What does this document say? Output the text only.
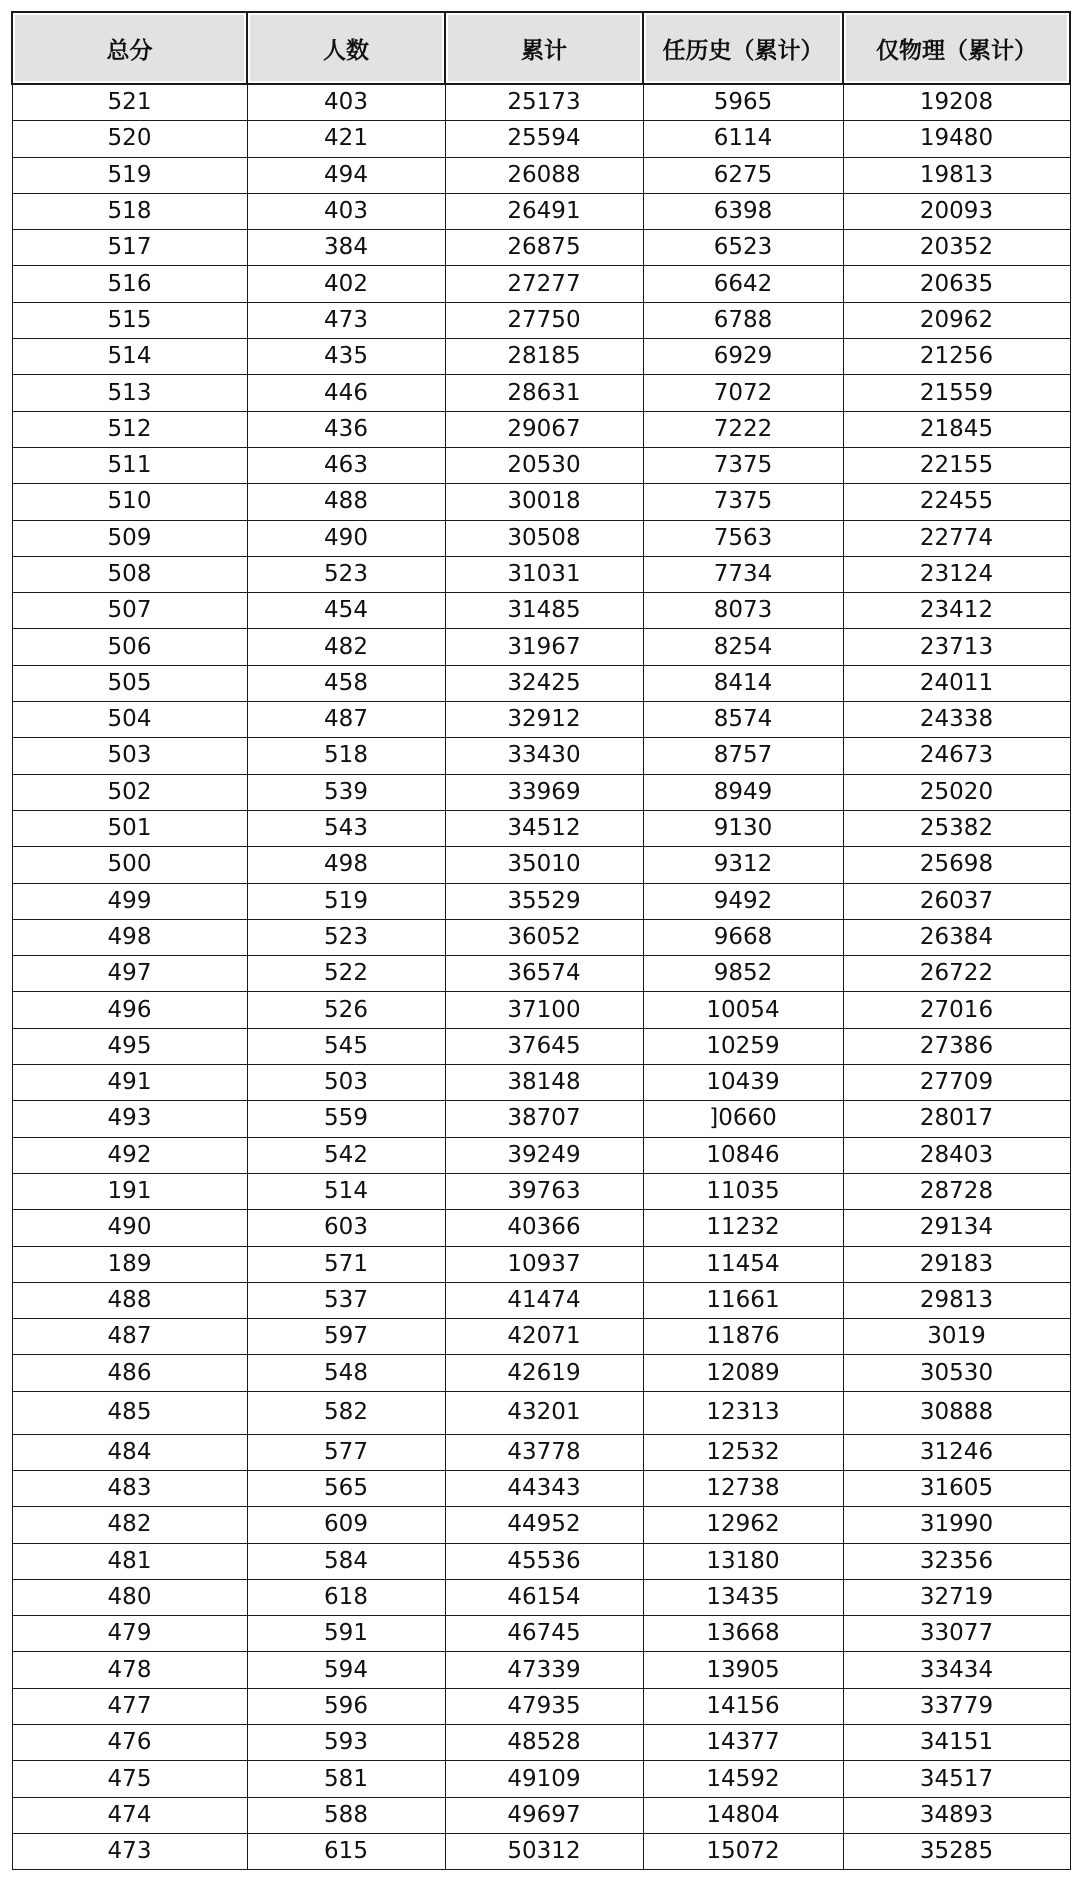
总分	人数	累计	任历史（累计）	仅物理（累计）
521	403	25173	5965	19208
520	421	25594	6114	19480
519	494	26088	6275	19813
518	403	26491	6398	20093
517	384	26875	6523	20352
516	402	27277	6642	20635
515	473	27750	6788	20962
514	435	28185	6929	21256
513	446	28631	7072	21559
512	436	29067	7222	21845
511	463	20530	7375	22155
510	488	30018	7375	22455
509	490	30508	7563	22774
508	523	31031	7734	23124
507	454	31485	8073	23412
506	482	31967	8254	23713
505	458	32425	8414	24011
504	487	32912	8574	24338
503	518	33430	8757	24673
502	539	33969	8949	25020
501	543	34512	9130	25382
500	498	35010	9312	25698
499	519	35529	9492	26037
498	523	36052	9668	26384
497	522	36574	9852	26722
496	526	37100	10054	27016
495	545	37645	10259	27386
491	503	38148	10439	27709
493	559	38707	]0660	28017
492	542	39249	10846	28403
191	514	39763	11035	28728
490	603	40366	11232	29134
189	571	10937	11454	29183
488	537	41474	11661	29813
487	597	42071	11876	3019
486	548	42619	12089	30530
485	582	43201	12313	30888
484	577	43778	12532	31246
483	565	44343	12738	31605
482	609	44952	12962	31990
481	584	45536	13180	32356
480	618	46154	13435	32719
479	591	46745	13668	33077
478	594	47339	13905	33434
477	596	47935	14156	33779
476	593	48528	14377	34151
475	581	49109	14592	34517
474	588	49697	14804	34893
473	615	50312	15072	35285
